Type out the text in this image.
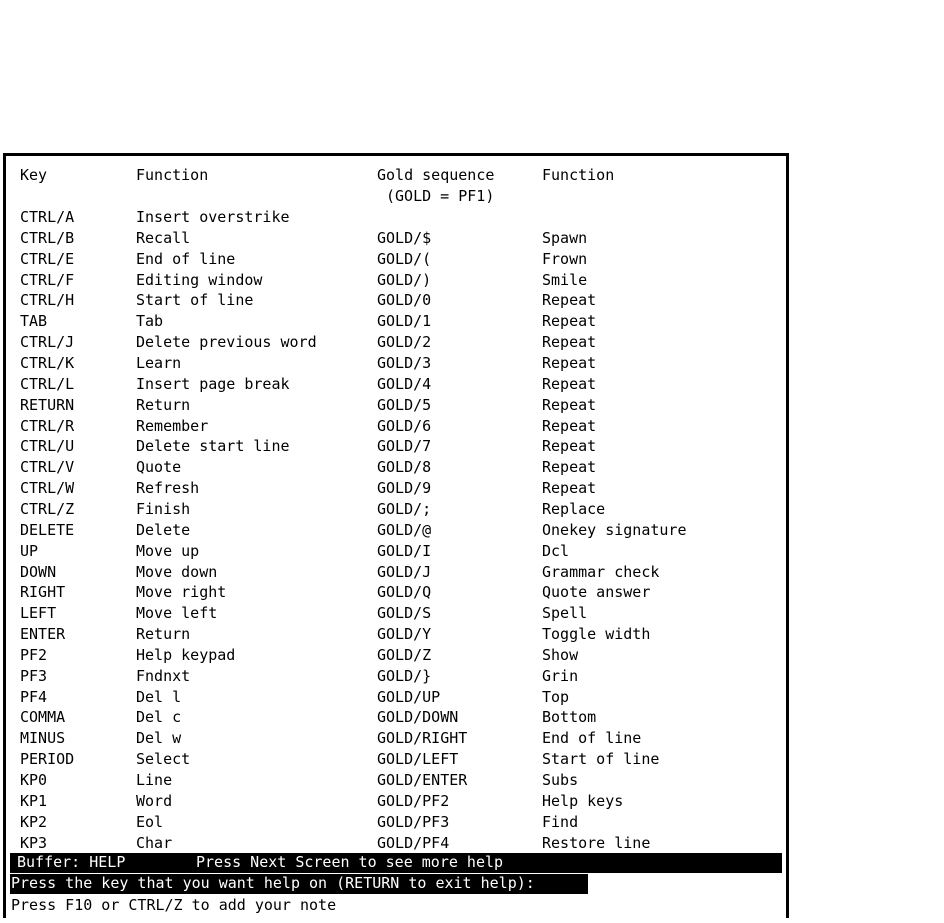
Key	Function	Gold sequence	Function
(GOLD = PF1)
CTRL/A	Insert overstrike
CTRL/B	Recall	GOLD/$	Spawn
CTRL/E	End of line	GOLD/(	Frown
CTRL/F	Editing window	GOLD/)	Smile
CTRL/H	Start of line	GOLD/0	Repeat
TAB	Tab	GOLD/1	Repeat
CTRL/J	Delete previous word	GOLD/2	Repeat
CTRL/K	Learn	GOLD/3	Repeat
CTRL/L	Insert page break	GOLD/4	Repeat
RETURN	Return	GOLD/5	Repeat
CTRL/R	Remember	GOLD/6	Repeat
CTRL/U	Delete start line	GOLD/7	Repeat
CTRL/V	Quote	GOLD/8	Repeat
CTRL/W	Refresh	GOLD/9	Repeat
CTRL/Z	Finish	GOLD/;	Replace
DELETE	Delete	GOLD/@	Onekey signature
UP	Move up	GOLD/I	Dcl
DOWN	Move down	GOLD/J	Grammar check
RIGHT	Move right	GOLD/Q	Quote answer
LEFT	Move left	GOLD/S	Spell
ENTER	Return	GOLD/Y	Toggle width
PF2	Help keypad	GOLD/Z	Show
PF3	Fndnxt	GOLD/}	Grin
PF4	Del l	GOLD/UP	Top
COMMA	Del c	GOLD/DOWN	Bottom
MINUS	Del w	GOLD/RIGHT	End of line
PERIOD	Select	GOLD/LEFT	Start of line
KP0	Line	GOLD/ENTER	Subs
KP1	Word	GOLD/PF2	Help keys
KP2	Eol	GOLD/PF3	Find
KP3	Char	GOLD/PF4	Restore line
Buffer: HELP	Press Next Screen to see more help
Press the key that you want help on (RETURN to exit help):
Press F10 or CTRL/Z to add your note
